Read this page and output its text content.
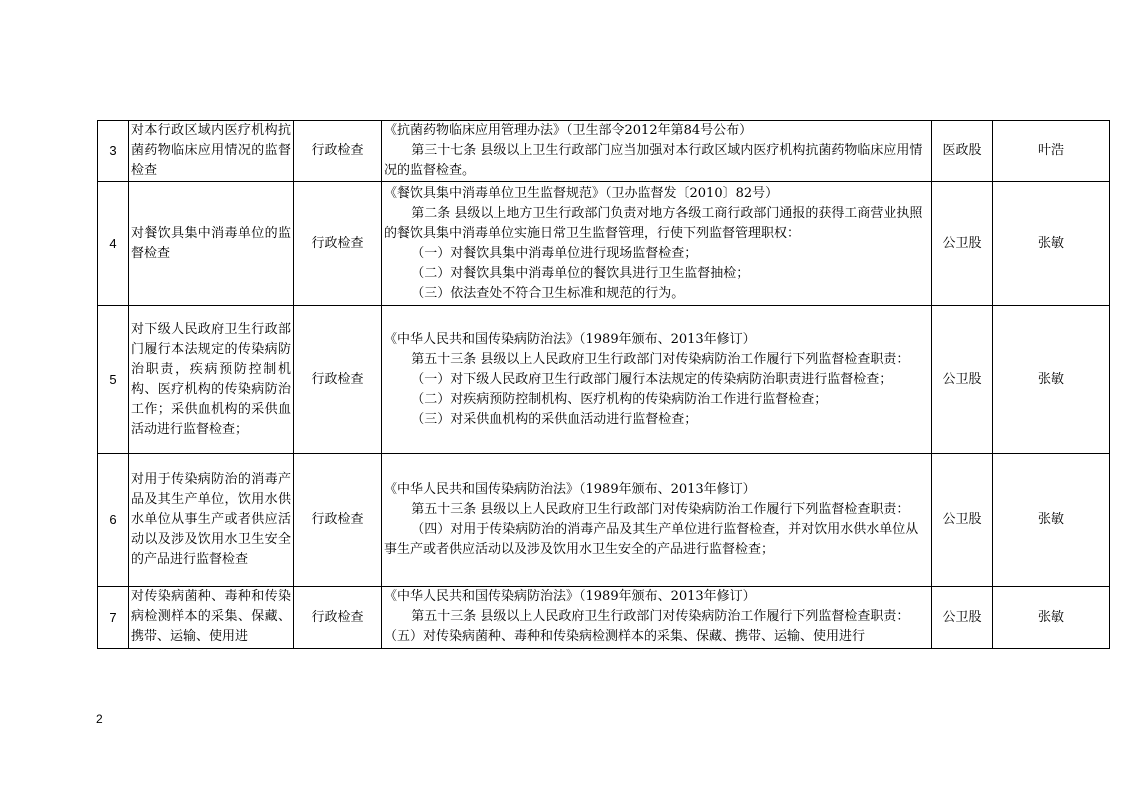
3	对本行政区域内医疗机构抗菌药物临床应用情况的监督检查	行政检查	《抗菌药物临床应用管理办法》（卫生部令2012年第84号公布）

第三十七条 县级以上卫生行政部门应当加强对本行政区域内医疗机构抗菌药物临床应用情况的监督检查。	医政股	叶浩
4	对餐饮具集中消毒单位的监督检查	行政检查	《餐饮具集中消毒单位卫生监督规范》（卫办监督发〔2010〕82号）

第二条 县级以上地方卫生行政部门负责对地方各级工商行政部门通报的获得工商营业执照的餐饮具集中消毒单位实施日常卫生监督管理，行使下列监督管理职权：

（一）对餐饮具集中消毒单位进行现场监督检查；

（二）对餐饮具集中消毒单位的餐饮具进行卫生监督抽检；

（三）依法查处不符合卫生标准和规范的行为。	公卫股	张敏
5	对下级人民政府卫生行政部门履行本法规定的传染病防治职责，疾病预防控制机构、医疗机构的传染病防治工作；采供血机构的采供血活动进行监督检查；	行政检查	《中华人民共和国传染病防治法》（1989年颁布、2013年修订）

第五十三条 县级以上人民政府卫生行政部门对传染病防治工作履行下列监督检查职责：

（一）对下级人民政府卫生行政部门履行本法规定的传染病防治职责进行监督检查；

（二）对疾病预防控制机构、医疗机构的传染病防治工作进行监督检查；

（三）对采供血机构的采供血活动进行监督检查；	公卫股	张敏
6	对用于传染病防治的消毒产品及其生产单位，饮用水供水单位从事生产或者供应活动以及涉及饮用水卫生安全的产品进行监督检查	行政检查	《中华人民共和国传染病防治法》（1989年颁布、2013年修订）

第五十三条 县级以上人民政府卫生行政部门对传染病防治工作履行下列监督检查职责：

（四）对用于传染病防治的消毒产品及其生产单位进行监督检查，并对饮用水供水单位从事生产或者供应活动以及涉及饮用水卫生安全的产品进行监督检查；	公卫股	张敏
7	对传染病菌种、毒种和传染病检测样本的采集、保藏、携带、运输、使用进	行政检查	《中华人民共和国传染病防治法》（1989年颁布、2013年修订）

第五十三条 县级以上人民政府卫生行政部门对传染病防治工作履行下列监督检查职责：（五）对传染病菌种、毒种和传染病检测样本的采集、保藏、携带、运输、使用进行	公卫股	张敏
2
